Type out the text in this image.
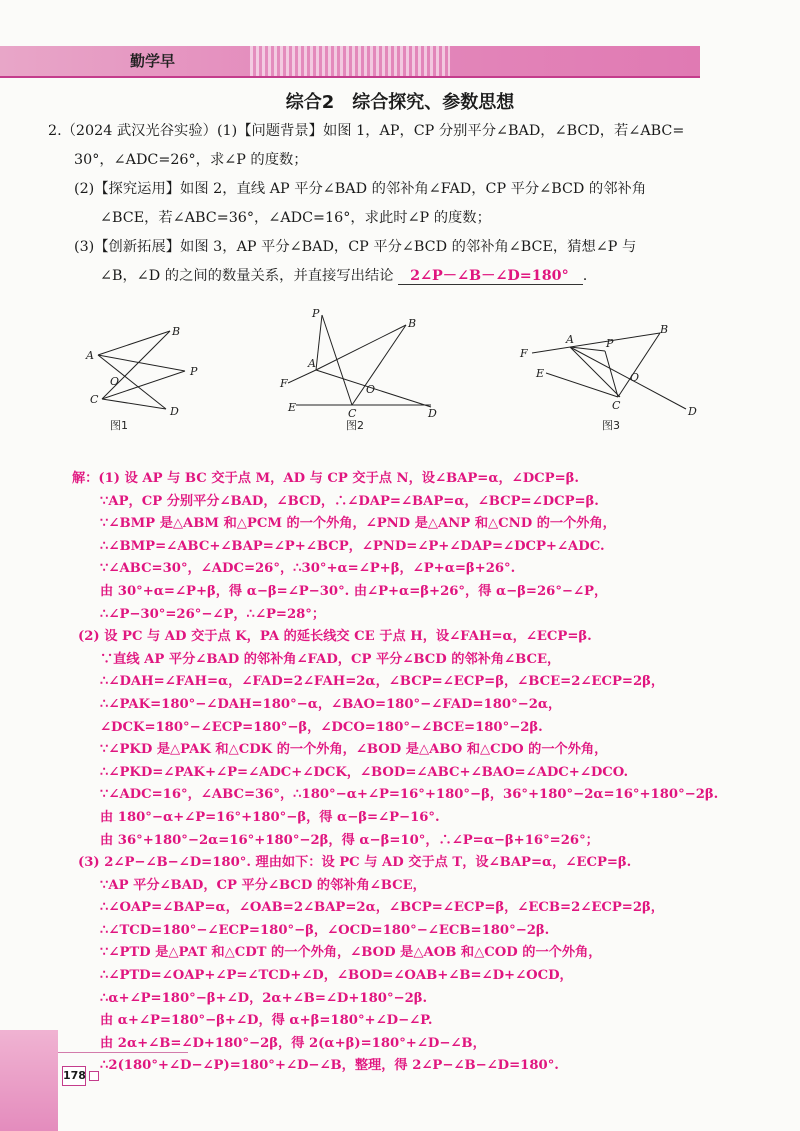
勤学早
综合2　综合探究、参数思想
2.（2024 武汉光谷实验）(1)【问题背景】如图 1，AP，CP 分别平分∠BAD，∠BCD，若∠ABC=
30°，∠ADC=26°，求∠P 的度数；
(2)【探究运用】如图 2，直线 AP 平分∠BAD 的邻补角∠FAD，CP 平分∠BCD 的邻补角
∠BCE，若∠ABC=36°，∠ADC=16°，求此时∠P 的度数；
(3)【创新拓展】如图 3，AP 平分∠BAD，CP 平分∠BCD 的邻补角∠BCE，猜想∠P 与
∠B，∠D 的之间的数量关系，并直接写出结论 2∠P－∠B－∠D=180° .
A
B
P
O
C
D
图1
P
B
A
F	O
E	C	D
图2
F
A	P
B
E	O
C	D
图3
解：(1) 设 AP 与 BC 交于点 M，AD 与 CP 交于点 N，设∠BAP=α，∠DCP=β.
∵AP，CP 分别平分∠BAD，∠BCD，∴∠DAP=∠BAP=α，∠BCP=∠DCP=β.
∵∠BMP 是△ABM 和△PCM 的一个外角，∠PND 是△ANP 和△CND 的一个外角，
∴∠BMP=∠ABC+∠BAP=∠P+∠BCP，∠PND=∠P+∠DAP=∠DCP+∠ADC.
∵∠ABC=30°，∠ADC=26°，∴30°+α=∠P+β，∠P+α=β+26°.
由 30°+α=∠P+β，得 α−β=∠P−30°. 由∠P+α=β+26°，得 α−β=26°−∠P，
∴∠P−30°=26°−∠P，∴∠P=28°；
(2) 设 PC 与 AD 交于点 K，PA 的延长线交 CE 于点 H，设∠FAH=α，∠ECP=β.
∵直线 AP 平分∠BAD 的邻补角∠FAD，CP 平分∠BCD 的邻补角∠BCE，
∴∠DAH=∠FAH=α，∠FAD=2∠FAH=2α，∠BCP=∠ECP=β，∠BCE=2∠ECP=2β，
∴∠PAK=180°−∠DAH=180°−α，∠BAO=180°−∠FAD=180°−2α，
∠DCK=180°−∠ECP=180°−β，∠DCO=180°−∠BCE=180°−2β.
∵∠PKD 是△PAK 和△CDK 的一个外角，∠BOD 是△ABO 和△CDO 的一个外角，
∴∠PKD=∠PAK+∠P=∠ADC+∠DCK，∠BOD=∠ABC+∠BAO=∠ADC+∠DCO.
∵∠ADC=16°，∠ABC=36°，∴180°−α+∠P=16°+180°−β，36°+180°−2α=16°+180°−2β.
由 180°−α+∠P=16°+180°−β，得 α−β=∠P−16°.
由 36°+180°−2α=16°+180°−2β，得 α−β=10°，∴∠P=α−β+16°=26°；
(3) 2∠P−∠B−∠D=180°. 理由如下：设 PC 与 AD 交于点 T，设∠BAP=α，∠ECP=β.
∵AP 平分∠BAD，CP 平分∠BCD 的邻补角∠BCE，
∴∠OAP=∠BAP=α，∠OAB=2∠BAP=2α，∠BCP=∠ECP=β，∠ECB=2∠ECP=2β，
∴∠TCD=180°−∠ECP=180°−β，∠OCD=180°−∠ECB=180°−2β.
∵∠PTD 是△PAT 和△CDT 的一个外角，∠BOD 是△AOB 和△COD 的一个外角，
∴∠PTD=∠OAP+∠P=∠TCD+∠D，∠BOD=∠OAB+∠B=∠D+∠OCD，
∴α+∠P=180°−β+∠D，2α+∠B=∠D+180°−2β.
由 α+∠P=180°−β+∠D，得 α+β=180°+∠D−∠P.
由 2α+∠B=∠D+180°−2β，得 2(α+β)=180°+∠D−∠B，
∴2(180°+∠D−∠P)=180°+∠D−∠B，整理，得 2∠P−∠B−∠D=180°.
178
